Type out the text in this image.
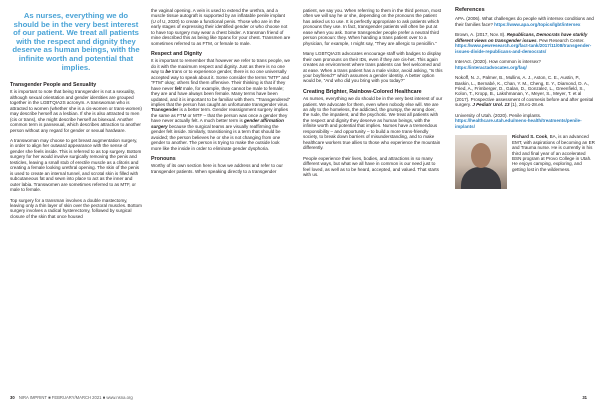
As nurses, everything we do should be in the very best interest of our patient. We treat all patients with the respect and dignity they deserve as human beings, with the infinite worth and potential that implies.
Transgender People and Sexuality

It is important to note that being transgender is not a sexuality, although sexual orientation and gender identities are grouped together in the LGBTQIA2S acronym. A transwoman who is attracted to women (whether she is a cis-women or trans-women) may describe herself as a lesbian. If she is also attracted to men (cis or trans), she might describe herself as bisexual. Another common term is pansexual, which describes attraction to another person without any regard for gender or sexual hardware.

A transwoman may choose to get breast augmentation surgery, in order to align her outward appearance with the sense of gender she feels inside. This is referred to as top surgery. Bottom surgery for her would involve surgically removing the penis and testicles, leaving a small stub of erectile muscle as a clitoris and creating a female looking urethral opening. The skin of the penis is used to create an internal tunnel, and scrotal skin is filled with subcutaneous fat and sewn into place to act as the inner and outer labia. Transwomen are sometimes referred to as MTF, or male to female.

Top surgery for a transman involves a double mastectomy, leaving only a thin layer of skin over the pectoral muscles. Bottom surgery involves a radical hysterectomy, followed by surgical closure of the skin that once housed

the vaginal opening. A vein is used to extend the urethra, and a muscle tissue autograft is supported by an inflatable penile implant (U of U, 2020) to create a functional penis. Those who are in the early stages of expressing their identified gender or who choose not to have top surgery may wear a chest binder. A transman friend of mine described this as being like Spanx for your chest. Transmen are sometimes referred to as FTM, or female to male.

Respect and Dignity

It is important to remember that however we refer to trans people, we do it with the maximum respect and dignity. Just as there is no one way to be trans or to experience gender, there is no one universally accepted way to speak about it. Some consider the terms “MTF” and “FTM” okay; others find them offensive. Their thinking is that if they have never felt male, for example, they cannot be male to female; they are and have always been female. Many terms have been updated, and it is important to be familiar with them. “Transgendered” implies that the person has caught an unfortunate transgender virus. Transgender is a better term. Gender reassignment surgery implies the same as FTM or MTF – that the person was once a gender they have never actually felt. A much better term is gender affirmation surgery because the surgical teams are visually reaffirming the gender felt inside. Similarly, transitioning is a term that should be avoided; the person believes he or she is not changing from one gender to another. The person is trying to make the outside look more like the inside in order to eliminate gender dysphoria.

Pronouns

Worthy of its own section here is how we address and refer to our transgender patients. When speaking directly to a transgender

patient, we say you. When referring to them in the third person, most often we will say he or she, depending on the pronouns the patient has asked us to use. It is perfectly appropriate to ask patients which pronouns they use. In fact, transgender patients will often be put at ease when you ask. Some transgender people prefer a neutral third person pronoun: they. When handing a trans patient over to a physician, for example, I might say, “They are allergic to penicillin.”

Many LGBTQIA2S advocates encourage staff with badges to display their own pronouns on their IDs, even if they are cis-het. This again creates an environment where trans patients can feel welcomed and at ease. When a trans patient has a male visitor, avoid asking, “Is this your boyfriend?” which assumes a gender identity. A better option would be, “And who did you bring with you today?”

Creating Brighter, Rainbow-Colored Healthcare

As nurses, everything we do should be in the very best interest of our patient. We advocate for them, even when nobody else will. We are an ally to the homeless, the addicted, the grumpy, the wrong doer, the rude, the impatient, and the psychotic. We treat all patients with the respect and dignity they deserve as human beings, with the infinite worth and potential that implies. Nurses have a tremendous responsibility – and opportunity – to build a more trans-friendly society, to break down barriers of misunderstanding, and to make healthcare workers true allies to those who experience the mountain differently.

People experience their lives, bodies, and attractions in so many different ways, but what we all have in common is our need just to feel loved, as well as to be heard, accepted, and valued. That starts with us.

References
APA. (2006). What challenges do people with intersex conditions and their families face? https://www.apa.org/topics/lgbt/intersex
Brown, A. (2017, Nov. 8). Republicans, Democrats have starkly different views on transgender issues. Pew Research Center. https://www.pewresearch.org/fact-tank/2017/11/08/transgender-issues-divide-republicans-and-democrats/
InterAct. (2020). How common is intersex? https://interactadvocates.org/faq/
Nokoff, N. J., Palmer, B., Mullins, A. J., Aston, C. E., Austin, P., Baskin, L., Bernabé, K., Chan, Y. M., Cheng, E. Y., Diamond, D. A., Fried, A., Frimberger, D., Galan, D., Gonzalez, L., Greenfield, S., Kolon, T., Kropp, B., Lakshmanan, Y., Meyer, S., Meyer, T. et al (2017). Prospective assessment of cosmesis before and after genital surgery. J Pediatr Urol. 13 (1), 28.e1-28.e6.
University of Utah. (2020). Penile implants. https://healthcare.utah.edu/mens-health/treatments/penile-implants/

Richard S. Cook, BA, is an advanced EMT, with aspirations of becoming an ER and Trauma nurse. He is currently in his third and final year of an accelerated BSN program at Provo College in Utah. He enjoys camping, exploring, and getting lost in the wilderness.

30 NIRA IMPRINT ■ FEBRUARY/MARCH 2021 ■ www.nsna.org	31
